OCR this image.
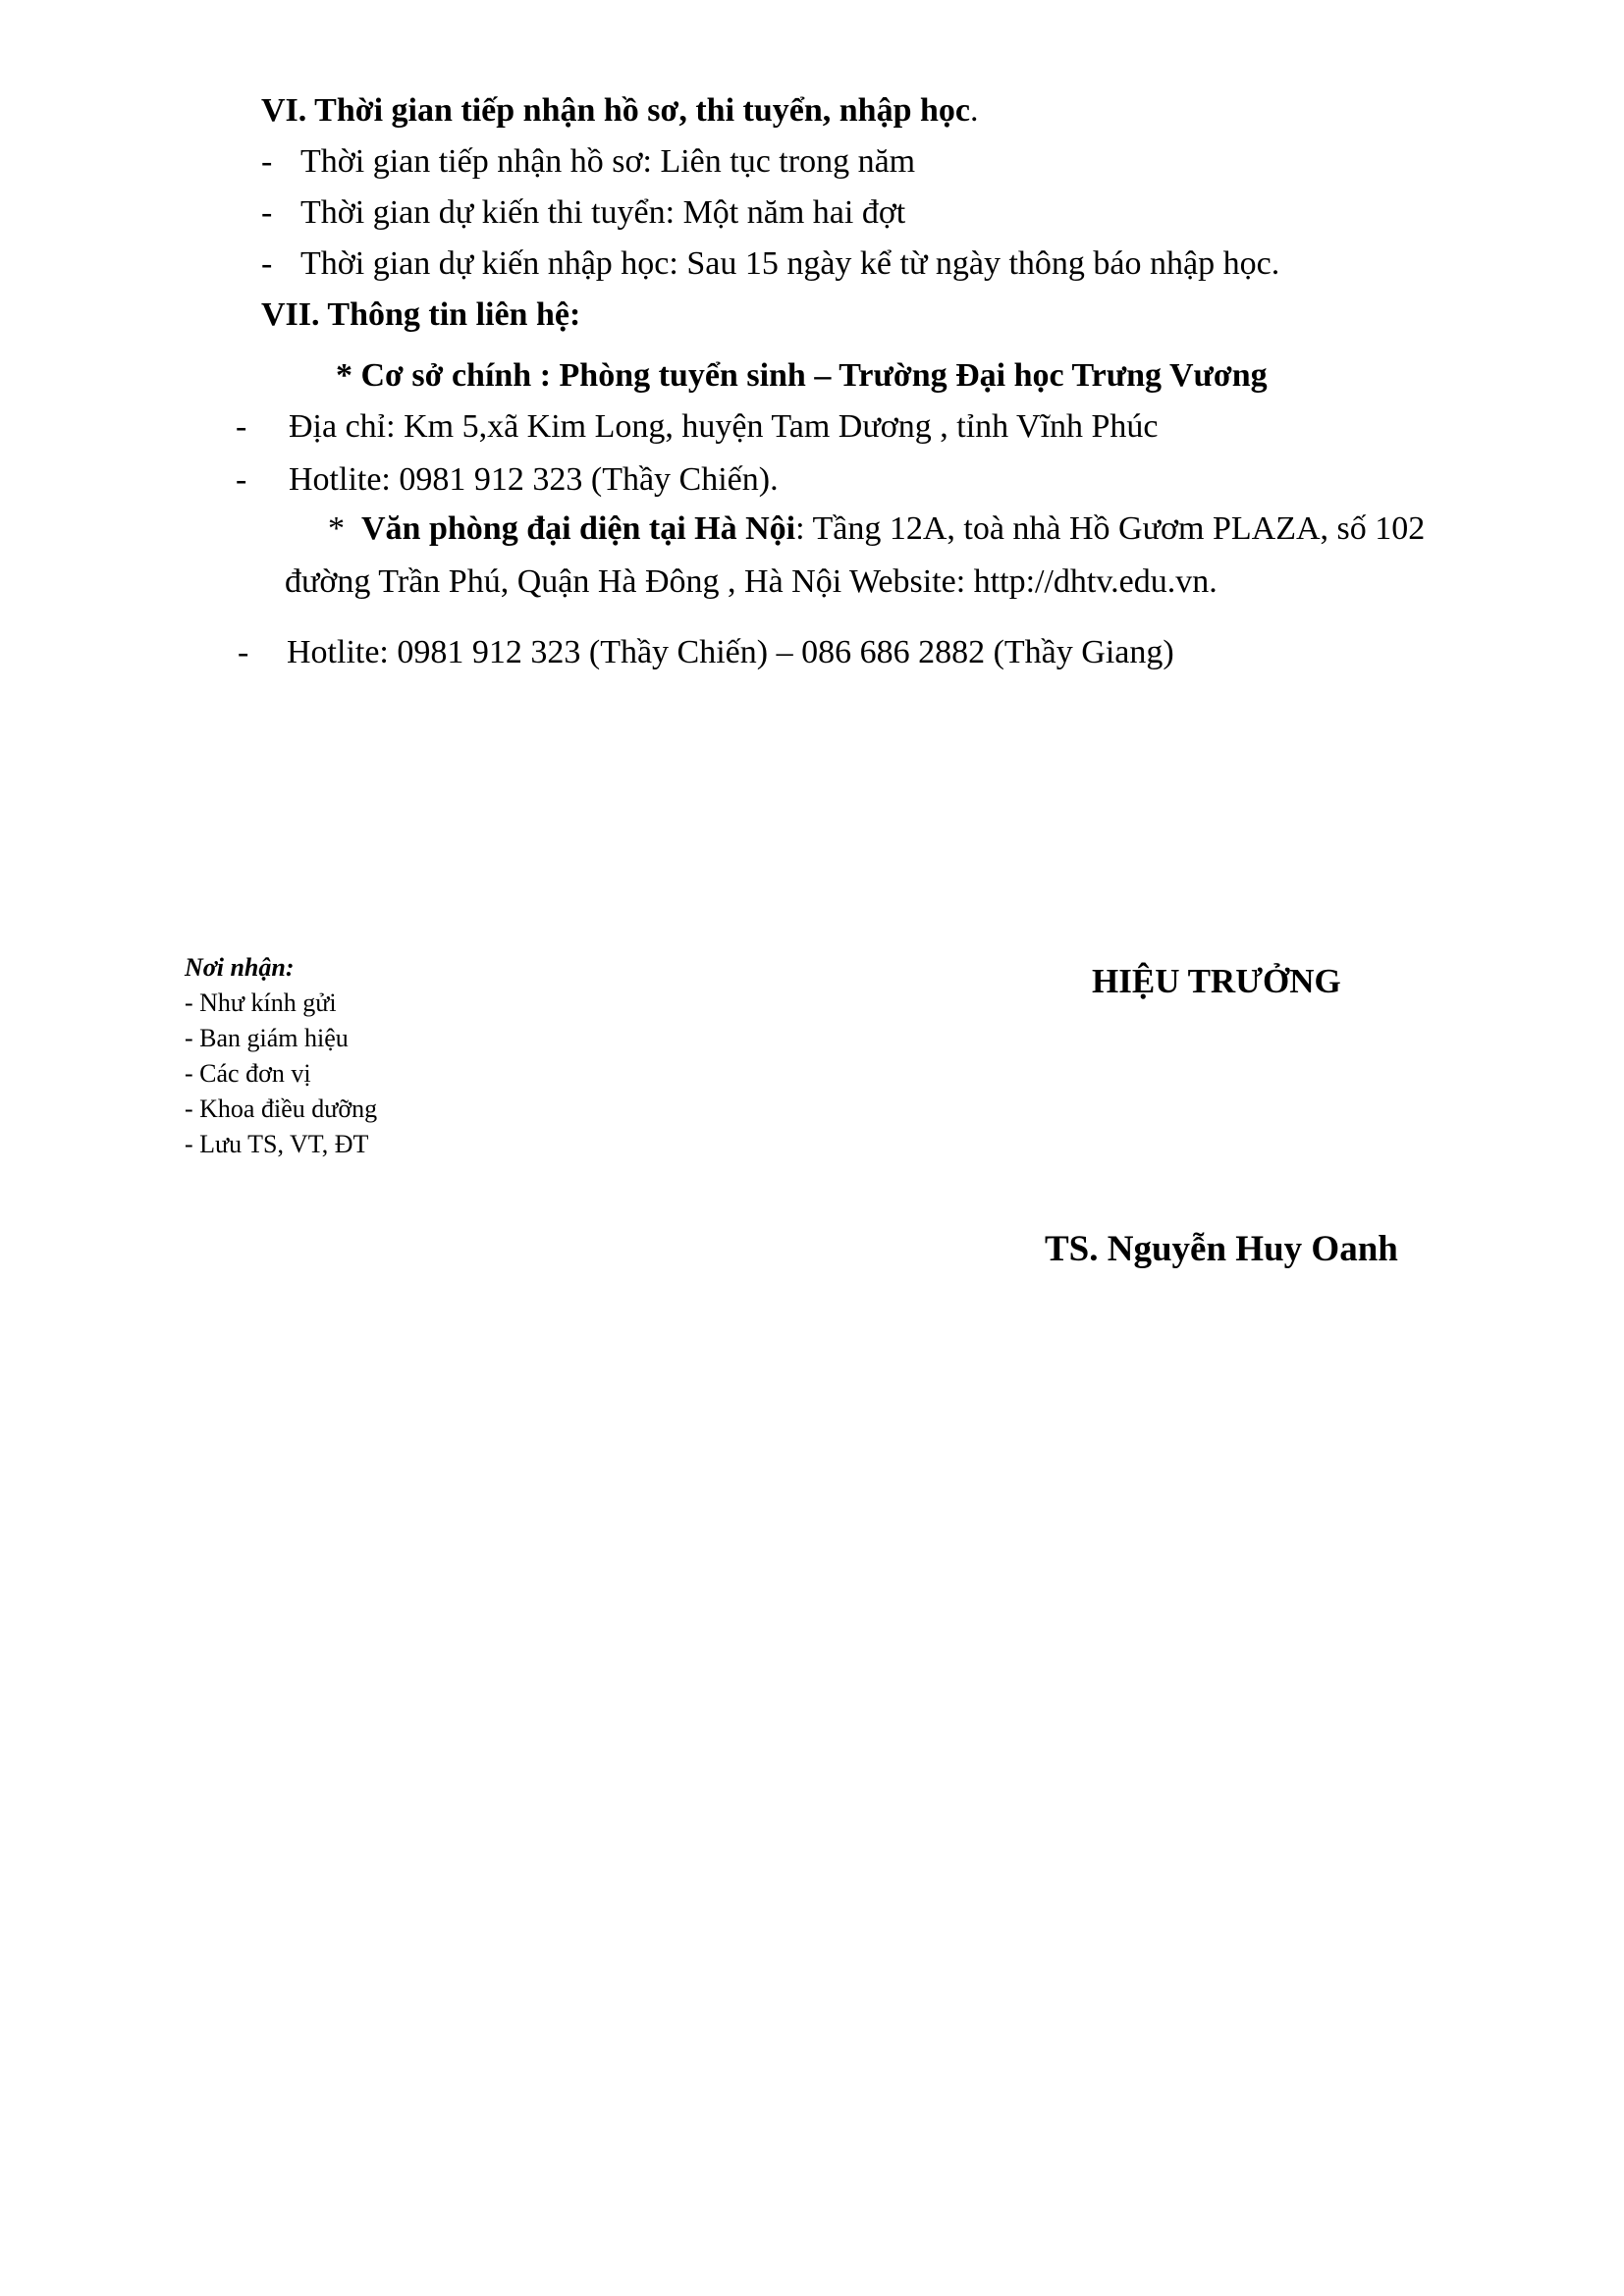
VI. Thời gian tiếp nhận hồ sơ, thi tuyển, nhập học.
- Thời gian tiếp nhận hồ sơ: Liên tục trong năm
- Thời gian dự kiến thi tuyển: Một năm hai đợt
- Thời gian dự kiến nhập học: Sau 15 ngày kể từ ngày thông báo nhập học.
VII. Thông tin liên hệ:
* Cơ sở chính : Phòng tuyển sinh – Trường Đại học Trưng Vương
- Địa chỉ: Km 5,xã Kim Long, huyện Tam Dương , tỉnh Vĩnh Phúc
- Hotlite: 0981 912 323 (Thầy Chiến).
* Văn phòng đại diện tại Hà Nội: Tầng 12A, toà nhà Hồ Gươm PLAZA, số 102
đường Trần Phú, Quận Hà Đông , Hà Nội Website: http://dhtv.edu.vn.
- Hotlite: 0981 912 323 (Thầy Chiến) – 086 686 2882 (Thầy Giang)
Nơi nhận:
- Như kính gửi
- Ban giám hiệu
- Các đơn vị
- Khoa điều dưỡng
- Lưu TS, VT, ĐT
HIỆU TRƯỞNG
TS. Nguyễn Huy Oanh
